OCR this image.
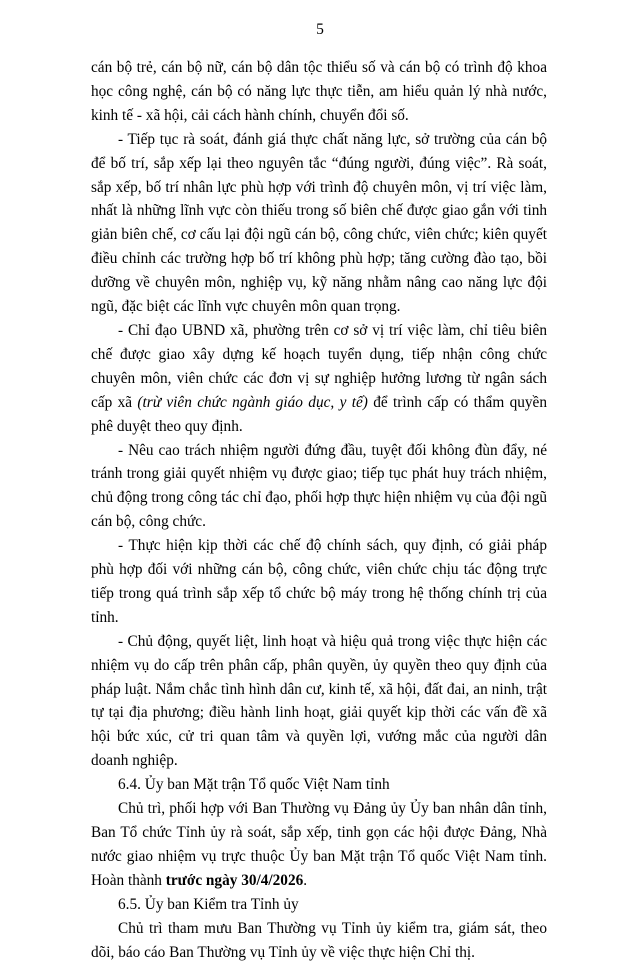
5

cán bộ trẻ, cán bộ nữ, cán bộ dân tộc thiểu số và cán bộ có trình độ khoa học công nghệ, cán bộ có năng lực thực tiễn, am hiểu quản lý nhà nước, kinh tế - xã hội, cải cách hành chính, chuyển đổi số.

- Tiếp tục rà soát, đánh giá thực chất năng lực, sở trường của cán bộ để bố trí, sắp xếp lại theo nguyên tắc “đúng người, đúng việc”. Rà soát, sắp xếp, bố trí nhân lực phù hợp với trình độ chuyên môn, vị trí việc làm, nhất là những lĩnh vực còn thiếu trong số biên chế được giao gắn với tinh giản biên chế, cơ cấu lại đội ngũ cán bộ, công chức, viên chức; kiên quyết điều chỉnh các trường hợp bố trí không phù hợp; tăng cường đào tạo, bồi dưỡng về chuyên môn, nghiệp vụ, kỹ năng nhằm nâng cao năng lực đội ngũ, đặc biệt các lĩnh vực chuyên môn quan trọng.

- Chỉ đạo UBND xã, phường trên cơ sở vị trí việc làm, chỉ tiêu biên chế được giao xây dựng kế hoạch tuyển dụng, tiếp nhận công chức chuyên môn, viên chức các đơn vị sự nghiệp hưởng lương từ ngân sách cấp xã (trừ viên chức ngành giáo dục, y tế) để trình cấp có thẩm quyền phê duyệt theo quy định.

- Nêu cao trách nhiệm người đứng đầu, tuyệt đối không đùn đẩy, né tránh trong giải quyết nhiệm vụ được giao; tiếp tục phát huy trách nhiệm, chủ động trong công tác chỉ đạo, phối hợp thực hiện nhiệm vụ của đội ngũ cán bộ, công chức.

- Thực hiện kịp thời các chế độ chính sách, quy định, có giải pháp phù hợp đối với những cán bộ, công chức, viên chức chịu tác động trực tiếp trong quá trình sắp xếp tổ chức bộ máy trong hệ thống chính trị của tỉnh.

- Chủ động, quyết liệt, linh hoạt và hiệu quả trong việc thực hiện các nhiệm vụ do cấp trên phân cấp, phân quyền, ủy quyền theo quy định của pháp luật. Nắm chắc tình hình dân cư, kinh tế, xã hội, đất đai, an ninh, trật tự tại địa phương; điều hành linh hoạt, giải quyết kịp thời các vấn đề xã hội bức xúc, cử tri quan tâm và quyền lợi, vướng mắc của người dân doanh nghiệp.

6.4. Ủy ban Mặt trận Tổ quốc Việt Nam tỉnh

Chủ trì, phối hợp với Ban Thường vụ Đảng ủy Ủy ban nhân dân tỉnh, Ban Tổ chức Tỉnh ủy rà soát, sắp xếp, tinh gọn các hội được Đảng, Nhà nước giao nhiệm vụ trực thuộc Ủy ban Mặt trận Tổ quốc Việt Nam tỉnh. Hoàn thành trước ngày 30/4/2026.

6.5. Ủy ban Kiểm tra Tỉnh ủy

Chủ trì tham mưu Ban Thường vụ Tỉnh ủy kiểm tra, giám sát, theo dõi, báo cáo Ban Thường vụ Tỉnh ủy về việc thực hiện Chỉ thị.
